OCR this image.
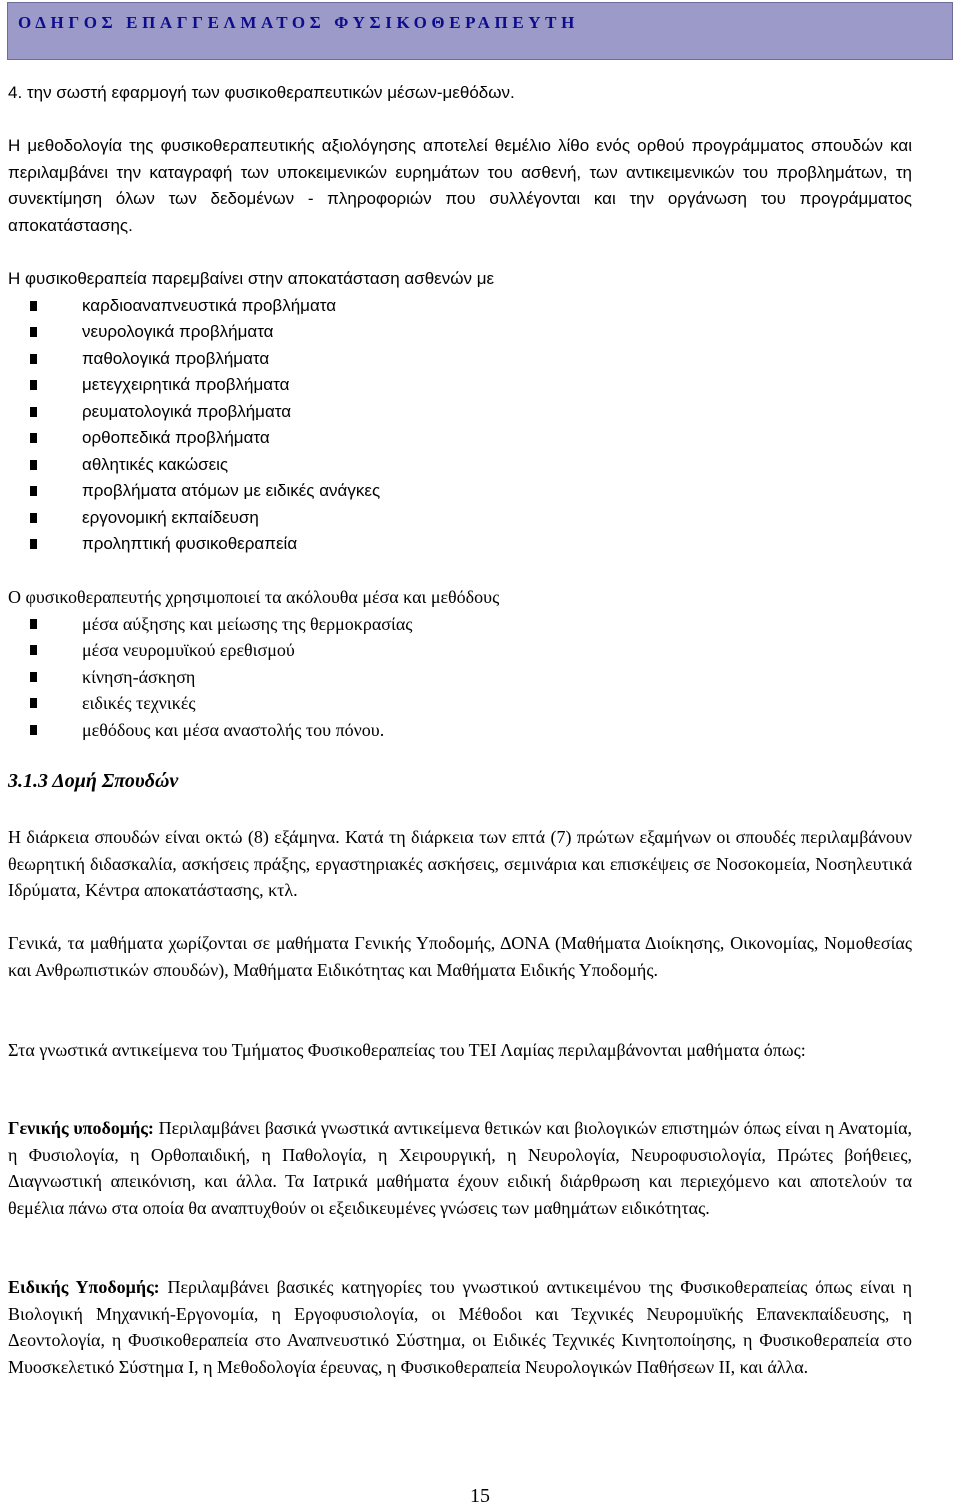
ΟΔΗΓΟΣ ΕΠΑΓΓΕΛΜΑΤΟΣ ΦΥΣΙΚΟΘΕΡΑΠΕΥΤΗ
4. την σωστή εφαρμογή των φυσικοθεραπευτικών μέσων-μεθόδων.

Η μεθοδολογία της φυσικοθεραπευτικής αξιολόγησης αποτελεί θεμέλιο λίθο ενός ορθού προγράμματος σπουδών και περιλαμβάνει την καταγραφή των υποκειμενικών ευρημάτων του ασθενή, των αντικειμενικών του προβλημάτων, τη συνεκτίμηση όλων των δεδομένων - πληροφοριών που συλλέγονται και την οργάνωση του προγράμματος αποκατάστασης.

Η φυσικοθεραπεία παρεμβαίνει στην αποκατάσταση ασθενών με
καρδιοαναπνευστικά προβλήματα
νευρολογικά προβλήματα
παθολογικά προβλήματα
μετεγχειρητικά προβλήματα
ρευματολογικά προβλήματα
ορθοπεδικά προβλήματα
αθλητικές κακώσεις
προβλήματα ατόμων με ειδικές ανάγκες
εργονομική εκπαίδευση
προληπτική φυσικοθεραπεία
Ο φυσικοθεραπευτής χρησιμοποιεί τα ακόλουθα μέσα και μεθόδους
μέσα αύξησης και μείωσης της θερμοκρασίας
μέσα νευρομυϊκού ερεθισμού
κίνηση-άσκηση
ειδικές τεχνικές
μεθόδους και μέσα αναστολής του πόνου.
3.1.3 Δομή Σπουδών

Η διάρκεια σπουδών είναι οκτώ (8) εξάμηνα. Κατά τη διάρκεια των επτά (7) πρώτων εξαμήνων οι σπουδές περιλαμβάνουν θεωρητική διδασκαλία, ασκήσεις πράξης, εργαστηριακές ασκήσεις, σεμινάρια και επισκέψεις σε Νοσοκομεία, Νοσηλευτικά Ιδρύματα, Κέντρα αποκατάστασης, κτλ.

Γενικά, τα μαθήματα χωρίζονται σε μαθήματα Γενικής Υποδομής, ΔΟΝΑ (Μαθήματα Διοίκησης, Οικονομίας, Νομοθεσίας και Ανθρωπιστικών σπουδών), Μαθήματα Ειδικότητας και Μαθήματα Ειδικής Υποδομής.

Στα γνωστικά αντικείμενα του Τμήματος Φυσικοθεραπείας του ΤΕΙ Λαμίας περιλαμβάνονται μαθήματα όπως:

Γενικής υποδομής: Περιλαμβάνει βασικά γνωστικά αντικείμενα θετικών και βιολογικών επιστημών όπως είναι η Ανατομία, η Φυσιολογία, η Ορθοπαιδική, η Παθολογία, η Χειρουργική, η Νευρολογία, Νευροφυσιολογία, Πρώτες βοήθειες, Διαγνωστική απεικόνιση, και άλλα. Τα Ιατρικά μαθήματα έχουν ειδική διάρθρωση και περιεχόμενο και αποτελούν τα θεμέλια πάνω στα οποία θα αναπτυχθούν οι εξειδικευμένες γνώσεις των μαθημάτων ειδικότητας.

Ειδικής Υποδομής: Περιλαμβάνει βασικές κατηγορίες του γνωστικού αντικειμένου της Φυσικοθεραπείας όπως είναι η Βιολογική Μηχανική-Εργονομία, η Εργοφυσιολογία, οι Μέθοδοι και Τεχνικές Νευρομυϊκής Επανεκπαίδευσης, η Δεοντολογία, η Φυσικοθεραπεία στο Αναπνευστικό Σύστημα, οι Ειδικές Τεχνικές Κινητοποίησης, η Φυσικοθεραπεία στο Μυοσκελετικό Σύστημα Ι, η Μεθοδολογία έρευνας, η Φυσικοθεραπεία Νευρολογικών Παθήσεων ΙΙ, και άλλα.

15
